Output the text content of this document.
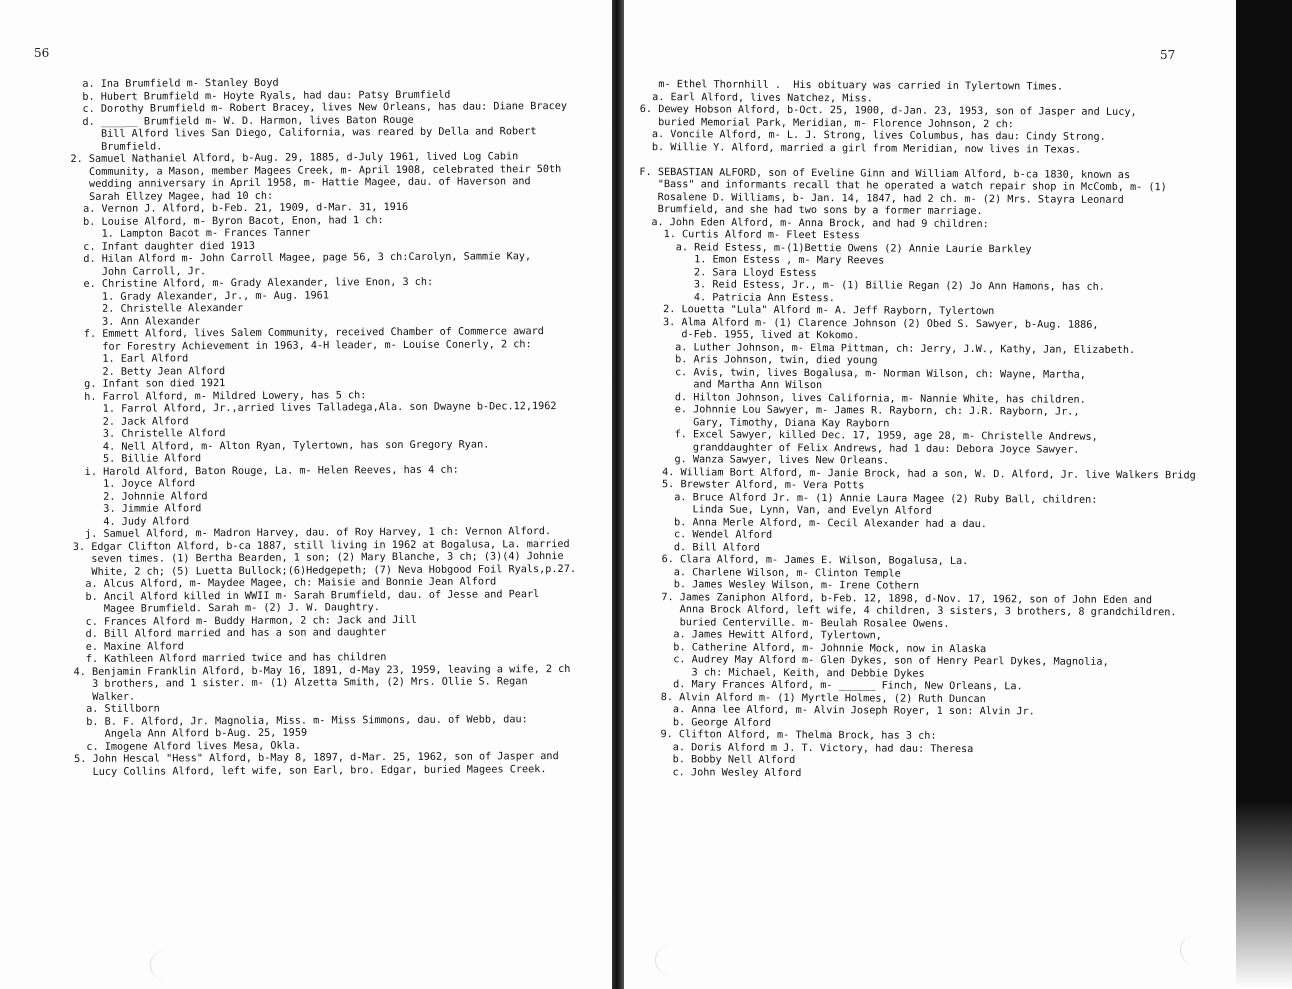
56	57
a. Ina Brumfield m- Stanley Boyd
b. Hubert Brumfield m- Hoyte Ryals, had dau: Patsy Brumfield
c. Dorothy Brumfield m- Robert Bracey, lives New Orleans, has dau: Diane Bracey
d. ______ Brumfield m- W. D. Harmon, lives Baton Rouge
Bill Alford lives San Diego, California, was reared by Della and Robert
Brumfield.
2. Samuel Nathaniel Alford, b-Aug. 29, 1885, d-July 1961, lived Log Cabin
Community, a Mason, member Magees Creek, m- April 1908, celebrated their 50th
wedding anniversary in April 1958, m- Hattie Magee, dau. of Haverson and
Sarah Ellzey Magee, had 10 ch:
a. Vernon J. Alford, b-Feb. 21, 1909, d-Mar. 31, 1916
b. Louise Alford, m- Byron Bacot, Enon, had 1 ch:
1. Lampton Bacot m- Frances Tanner
c. Infant daughter died 1913
d. Hilan Alford m- John Carroll Magee, page 56, 3 ch:Carolyn, Sammie Kay,
John Carroll, Jr.
e. Christine Alford, m- Grady Alexander, live Enon, 3 ch:
1. Grady Alexander, Jr., m- Aug. 1961
2. Christelle Alexander
3. Ann Alexander
f. Emmett Alford, lives Salem Community, received Chamber of Commerce award
for Forestry Achievement in 1963, 4-H leader, m- Louise Conerly, 2 ch:
1. Earl Alford
2. Betty Jean Alford
g. Infant son died 1921
h. Farrol Alford, m- Mildred Lowery, has 5 ch:
1. Farrol Alford, Jr.,arried lives Talladega,Ala. son Dwayne b-Dec.12,1962
2. Jack Alford
3. Christelle Alford
4. Nell Alford, m- Alton Ryan, Tylertown, has son Gregory Ryan.
5. Billie Alford
i. Harold Alford, Baton Rouge, La. m- Helen Reeves, has 4 ch:
1. Joyce Alford
2. Johnnie Alford
3. Jimmie Alford
4. Judy Alford
j. Samuel Alford, m- Madron Harvey, dau. of Roy Harvey, 1 ch: Vernon Alford.
3. Edgar Clifton Alford, b-ca 1887, still living in 1962 at Bogalusa, La. married
seven times. (1) Bertha Bearden, 1 son; (2) Mary Blanche, 3 ch; (3)(4) Johnie
White, 2 ch; (5) Luetta Bullock;(6)Hedgepeth; (7) Neva Hobgood Foil Ryals,p.27.
a. Alcus Alford, m- Maydee Magee, ch: Maisie and Bonnie Jean Alford
b. Ancil Alford killed in WWII m- Sarah Brumfield, dau. of Jesse and Pearl
Magee Brumfield. Sarah m- (2) J. W. Daughtry.
c. Frances Alford m- Buddy Harmon, 2 ch: Jack and Jill
d. Bill Alford married and has a son and daughter
e. Maxine Alford
f. Kathleen Alford married twice and has children
4. Benjamin Franklin Alford, b-May 16, 1891, d-May 23, 1959, leaving a wife, 2 ch
3 brothers, and 1 sister. m- (1) Alzetta Smith, (2) Mrs. Ollie S. Regan
Walker.
a. Stillborn
b. B. F. Alford, Jr. Magnolia, Miss. m- Miss Simmons, dau. of Webb, dau:
Angela Ann Alford b-Aug. 25, 1959
c. Imogene Alford lives Mesa, Okla.
5. John Hescal "Hess" Alford, b-May 8, 1897, d-Mar. 25, 1962, son of Jasper and
Lucy Collins Alford, left wife, son Earl, bro. Edgar, buried Magees Creek.
m- Ethel Thornhill .  His obituary was carried in Tylertown Times.
a. Earl Alford, lives Natchez, Miss.
6. Dewey Hobson Alford, b-Oct. 25, 1900, d-Jan. 23, 1953, son of Jasper and Lucy,
buried Memorial Park, Meridian, m- Florence Johnson, 2 ch:
a. Voncile Alford, m- L. J. Strong, lives Columbus, has dau: Cindy Strong.
b. Willie Y. Alford, married a girl from Meridian, now lives in Texas.
F. SEBASTIAN ALFORD, son of Eveline Ginn and William Alford, b-ca 1830, known as
"Bass" and informants recall that he operated a watch repair shop in McComb, m- (1)
Rosalene D. Williams, b- Jan. 14, 1847, had 2 ch. m- (2) Mrs. Stayra Leonard
Brumfield, and she had two sons by a former marriage.
a. John Eden Alford, m- Anna Brock, and had 9 children:
1. Curtis Alford m- Fleet Estess
a. Reid Estess, m-(1)Bettie Owens (2) Annie Laurie Barkley
1. Emon Estess , m- Mary Reeves
2. Sara Lloyd Estess
3. Reid Estess, Jr., m- (1) Billie Regan (2) Jo Ann Hamons, has ch.
4. Patricia Ann Estess.
2. Louetta "Lula" Alford m- A. Jeff Rayborn, Tylertown
3. Alma Alford m- (1) Clarence Johnson (2) Obed S. Sawyer, b-Aug. 1886,
d-Feb. 1955, lived at Kokomo.
a. Luther Johnson, m- Elma Pittman, ch: Jerry, J.W., Kathy, Jan, Elizabeth.
b. Aris Johnson, twin, died young
c. Avis, twin, lives Bogalusa, m- Norman Wilson, ch: Wayne, Martha,
and Martha Ann Wilson
d. Hilton Johnson, lives California, m- Nannie White, has children.
e. Johnnie Lou Sawyer, m- James R. Rayborn, ch: J.R. Rayborn, Jr.,
Gary, Timothy, Diana Kay Rayborn
f. Excel Sawyer, killed Dec. 17, 1959, age 28, m- Christelle Andrews,
granddaughter of Felix Andrews, had 1 dau: Debora Joyce Sawyer.
g. Wanza Sawyer, lives New Orleans.
4. William Bort Alford, m- Janie Brock, had a son, W. D. Alford, Jr. live Walkers Bridg
5. Brewster Alford, m- Vera Potts
a. Bruce Alford Jr. m- (1) Annie Laura Magee (2) Ruby Ball, children:
Linda Sue, Lynn, Van, and Evelyn Alford
b. Anna Merle Alford, m- Cecil Alexander had a dau.
c. Wendel Alford
d. Bill Alford
6. Clara Alford, m- James E. Wilson, Bogalusa, La.
a. Charlene Wilson, m- Clinton Temple
b. James Wesley Wilson, m- Irene Cothern
7. James Zaniphon Alford, b-Feb. 12, 1898, d-Nov. 17, 1962, son of John Eden and
Anna Brock Alford, left wife, 4 children, 3 sisters, 3 brothers, 8 grandchildren.
buried Centerville. m- Beulah Rosalee Owens.
a. James Hewitt Alford, Tylertown,
b. Catherine Alford, m- Johnnie Mock, now in Alaska
c. Audrey May Alford m- Glen Dykes, son of Henry Pearl Dykes, Magnolia,
3 ch: Michael, Keith, and Debbie Dykes
d. Mary Frances Alford, m- ______ Finch, New Orleans, La.
8. Alvin Alford m- (1) Myrtle Holmes, (2) Ruth Duncan
a. Anna lee Alford, m- Alvin Joseph Royer, 1 son: Alvin Jr.
b. George Alford
9. Clifton Alford, m- Thelma Brock, has 3 ch:
a. Doris Alford m J. T. Victory, had dau: Theresa
b. Bobby Nell Alford
c. John Wesley Alford
